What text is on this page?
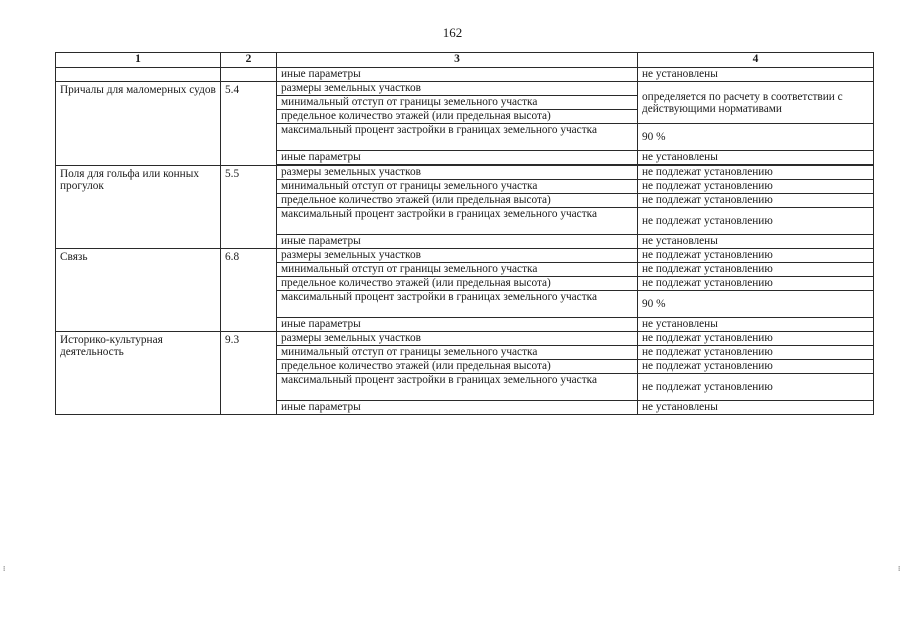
162
1	2	3	4
		иные параметры	не установлены
Причалы для маломерных судов	5.4	размеры земельных участков	определяется по расчету в соответствии с действующими нормативами
		минимальный отступ от границы земельного участка	
		предельное количество этажей (или предельная высота)	
		максимальный процент застройки в границах земельного участка	90 %
		иные параметры	не установлены

Поля для гольфа или конных прогулок	5.5	размеры земельных участков	не подлежат установлению
		минимальный отступ от границы земельного участка	не подлежат установлению
		предельное количество этажей (или предельная высота)	не подлежат установлению
		максимальный процент застройки в границах земельного участка	не подлежат установлению
		иные параметры	не установлены
Связь	6.8	размеры земельных участков	не подлежат установлению
		минимальный отступ от границы земельного участка	не подлежат установлению
		предельное количество этажей (или предельная высота)	не подлежат установлению
		максимальный процент застройки в границах земельного участка	90 %
		иные параметры	не установлены
Историко-культурная деятельность	9.3	размеры земельных участков	не подлежат установлению
		минимальный отступ от границы земельного участка	не подлежат установлению
		предельное количество этажей (или предельная высота)	не подлежат установлению
		максимальный процент застройки в границах земельного участка	не подлежат установлению
		иные параметры	не установлены
⁞	⁞
